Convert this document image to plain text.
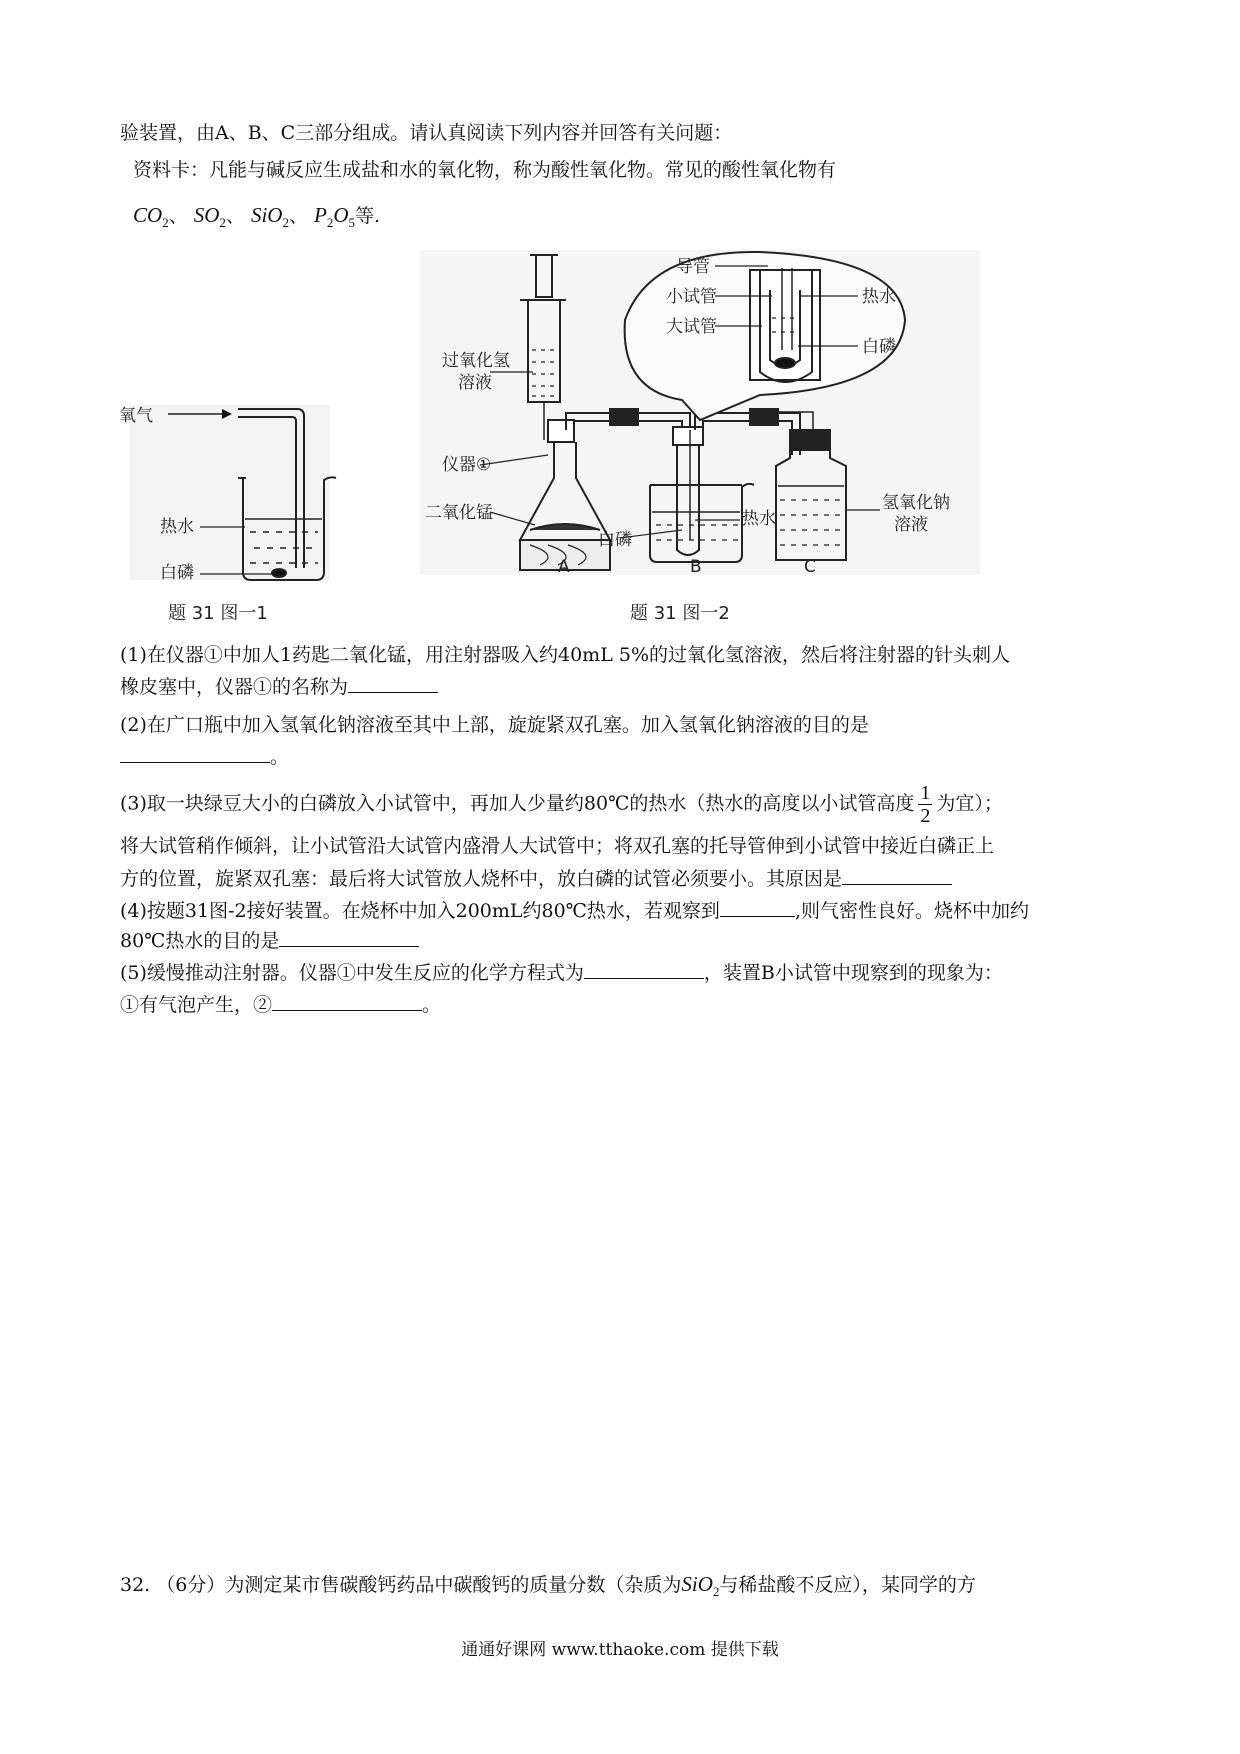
验装置，由A、B、C三部分组成。请认真阅读下列内容并回答有关问题：
资料卡：凡能与碱反应生成盐和水的氧化物，称为酸性氧化物。常见的酸性氧化物有
$CO_2$、 $SO_2$、 SiO$_2$、 $P_2O_5$等.
氧气
热水
白磷
题 31 图一1
过氧化氢
溶液
仪器①
二氧化锰
白磷
热水
氢氧化钠
溶液
A	B	C
导管
小试管
大试管
热水
白磷
题 31 图一2
(1)在仪器①中加人1药匙二氧化锰，用注射器吸入约40mL 5%的过氧化氢溶液，然后将注射器的针头刺人
橡皮塞中，仪器①的名称为
(2)在广口瓶中加入氢氧化钠溶液至其中上部，旋旋紧双孔塞。加入氢氧化钠溶液的目的是
。
(3)取一块绿豆大小的白磷放入小试管中，再加人少量约80℃的热水（热水的高度以小试管高度 $\frac{1}{2}$ 为宜）；
将大试管稍作倾斜，让小试管沿大试管内盛滑人大试管中；将双孔塞的托导管伸到小试管中接近白磷正上
方的位置，旋紧双孔塞：最后将大试管放人烧杯中，放白磷的试管必须要小。其原因是
(4)按题31图-2接好装置。在烧杯中加入200mL约80℃热水，若观察到	,则气密性良好。烧杯中加约
80℃热水的目的是
(5)缓慢推动注射器。仪器①中发生反应的化学方程式为	，装置B小试管中现察到的现象为：
①有气泡产生，②	。
32. （6分）为测定某市售碳酸钙药品中碳酸钙的质量分数（杂质为SiO$_2$与稀盐酸不反应），某同学的方
通通好课网 www.tthaoke.com 提供下载
